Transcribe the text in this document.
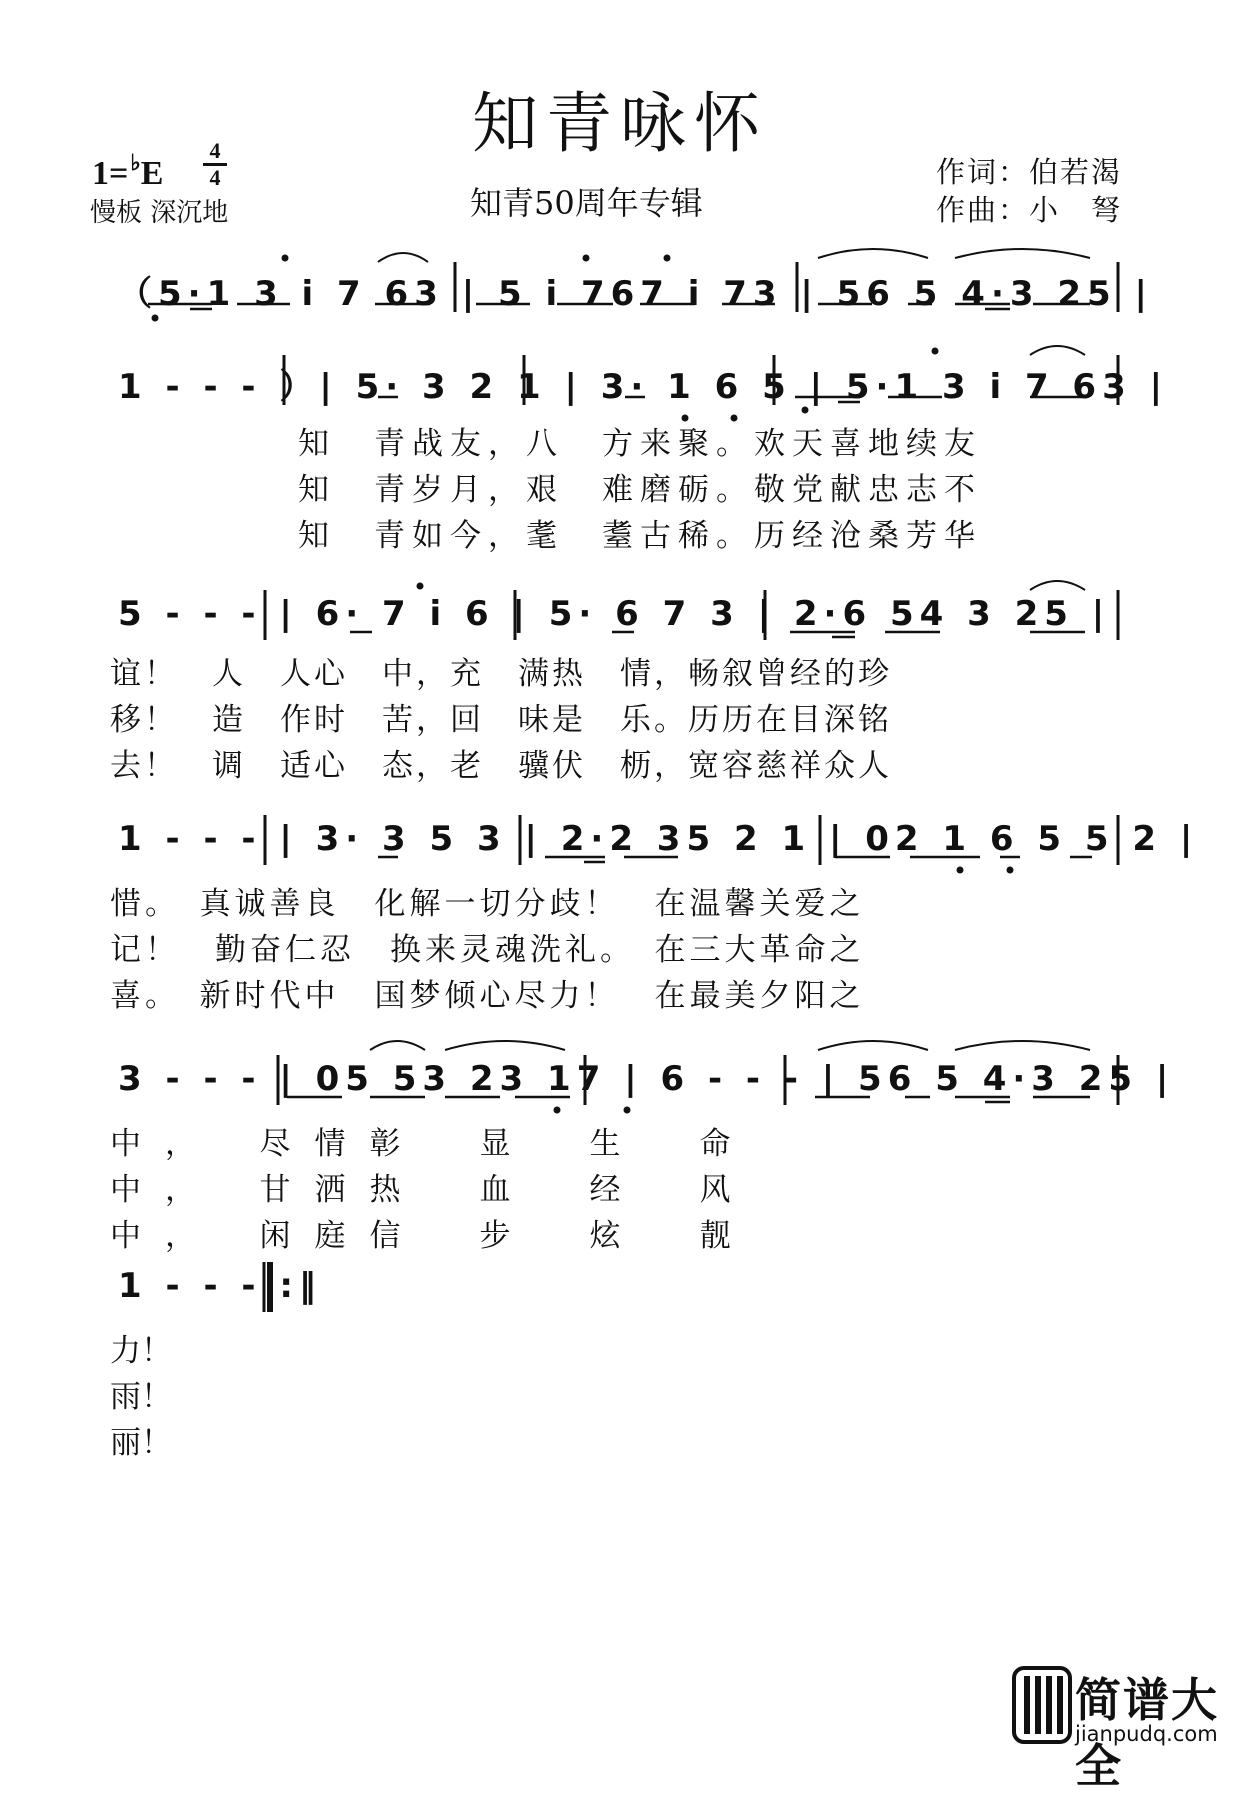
知青咏怀
1=♭E
4
4
慢板 深沉地	知青50周年专辑
作词：伯若渴
作曲：小　弩
（5·1 3 i 7 63 | 5 i 767 i 73 | 56 5 4·3 25 |
1 - - - ）| 5· 3 2 1 | 3· 1 6 5 | 5·1 3 i 7 63 |
知　青战友，八　方来聚。欢天喜地续友
知　青岁月，艰　难磨砺。敬党献忠志不
知　青如今，耄　耋古稀。历经沧桑芳华
5 - - - | 6· 7 i 6 | 5· 6 7 3 | 2·6 54 3 25 |
谊！　人　人心　中，充　满热　情，畅叙曾经的珍
移！　造　作时　苦，回　味是　乐。历历在目深铭
去！　调　适心　态，老　骥伏　枥，宽容慈祥众人
1 - - - | 3· 3 5 3 | 2·2 35 2 1 | 02 1 6 5 5 2 |
惜。　真诚善良　化解一切分歧！　在温馨关爱之
记！　勤奋仁忍　换来灵魂洗礼。　在三大革命之
喜。　新时代中　国梦倾心尽力！　在最美夕阳之
3 - - - | 05 53 23 17 | 6 - - - | 56 5 4·3 25 |
中，　尽情彰　显　生　命
中，　甘洒热　血　经　风
中，　闲庭信　步　炫　靓
1 - - - :‖
力！
雨！
丽！
简谱大全
jianpudq.com
